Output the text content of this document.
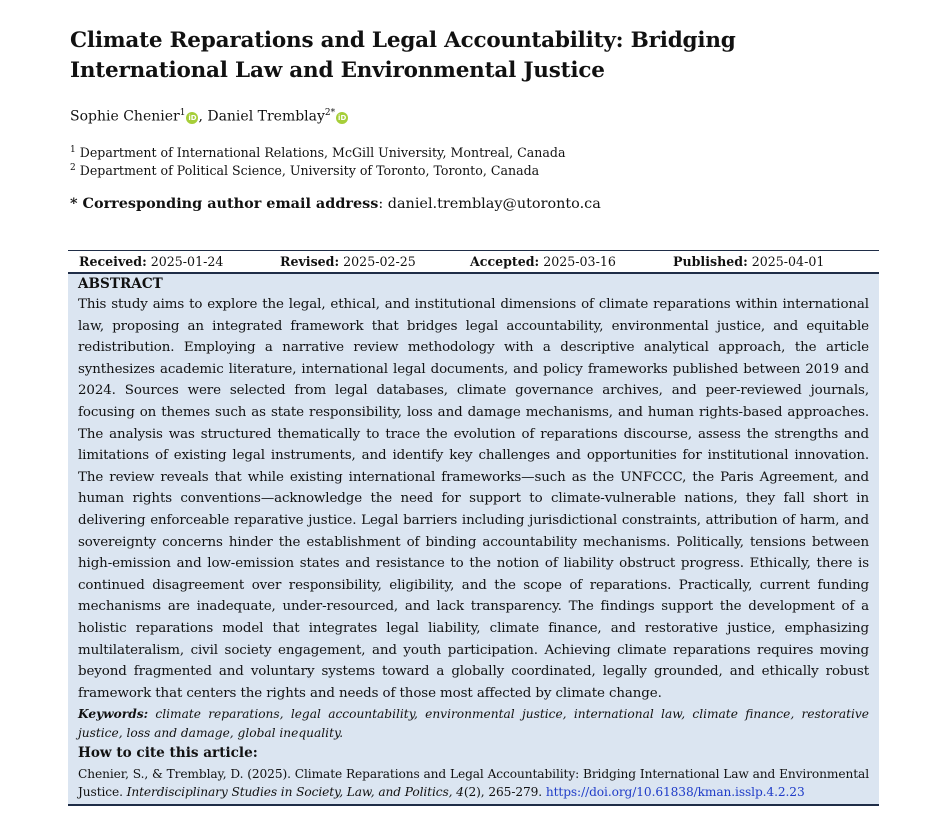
Climate Reparations and Legal Accountability: Bridging International Law and Environmental Justice
Sophie Chenier$^1$ iD , Daniel Tremblay$^{2*}$ iD
$^1$ Department of International Relations, McGill University, Montreal, Canada
$^2$ Department of Political Science, University of Toronto, Toronto, Canada
* Corresponding author email address: daniel.tremblay@utoronto.ca
Received: 2025-01-24	Revised: 2025-02-25	Accepted: 2025-03-16	Published: 2025-04-01
ABSTRACT

This study aims to explore the legal, ethical, and institutional dimensions of climate reparations within international law, proposing an integrated framework that bridges legal accountability, environmental justice, and equitable redistribution. Employing a narrative review methodology with a descriptive analytical approach, the article synthesizes academic literature, international legal documents, and policy frameworks published between 2019 and 2024. Sources were selected from legal databases, climate governance archives, and peer-reviewed journals, focusing on themes such as state responsibility, loss and damage mechanisms, and human rights-based approaches. The analysis was structured thematically to trace the evolution of reparations discourse, assess the strengths and limitations of existing legal instruments, and identify key challenges and opportunities for institutional innovation. The review reveals that while existing international frameworks—such as the UNFCCC, the Paris Agreement, and human rights conventions—acknowledge the need for support to climate-vulnerable nations, they fall short in delivering enforceable reparative justice. Legal barriers including jurisdictional constraints, attribution of harm, and sovereignty concerns hinder the establishment of binding accountability mechanisms. Politically, tensions between high-emission and low-emission states and resistance to the notion of liability obstruct progress. Ethically, there is continued disagreement over responsibility, eligibility, and the scope of reparations. Practically, current funding mechanisms are inadequate, under-resourced, and lack transparency. The findings support the development of a holistic reparations model that integrates legal liability, climate finance, and restorative justice, emphasizing multilateralism, civil society engagement, and youth participation. Achieving climate reparations requires moving beyond fragmented and voluntary systems toward a globally coordinated, legally grounded, and ethically robust framework that centers the rights and needs of those most affected by climate change.

Keywords: climate reparations, legal accountability, environmental justice, international law, climate finance, restorative justice, loss and damage, global inequality.

How to cite this article:

Chenier, S., & Tremblay, D. (2025). Climate Reparations and Legal Accountability: Bridging International Law and Environmental Justice. Interdisciplinary Studies in Society, Law, and Politics, 4(2), 265-279. https://doi.org/10.61838/kman.isslp.4.2.23
